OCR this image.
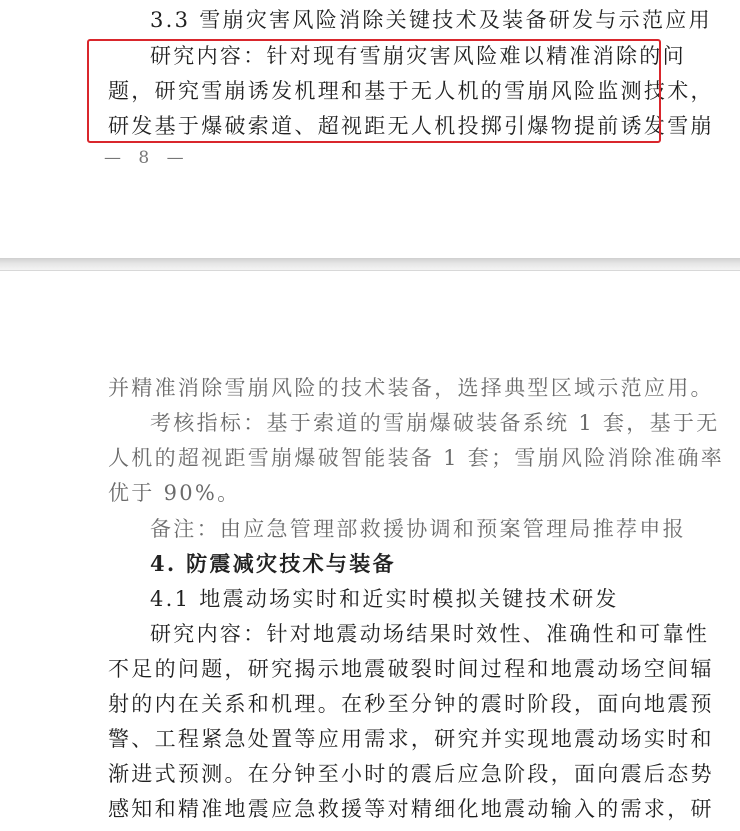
3.3 雪崩灾害风险消除关键技术及装备研发与示范应用
研究内容：针对现有雪崩灾害风险难以精准消除的问
题，研究雪崩诱发机理和基于无人机的雪崩风险监测技术，
研发基于爆破索道、超视距无人机投掷引爆物提前诱发雪崩
— 8 —
并精准消除雪崩风险的技术装备，选择典型区域示范应用。
考核指标：基于索道的雪崩爆破装备系统 1 套，基于无
人机的超视距雪崩爆破智能装备 1 套；雪崩风险消除准确率
优于 90%。
备注：由应急管理部救援协调和预案管理局推荐申报
4. 防震减灾技术与装备
4.1 地震动场实时和近实时模拟关键技术研发
研究内容：针对地震动场结果时效性、准确性和可靠性
不足的问题，研究揭示地震破裂时间过程和地震动场空间辐
射的内在关系和机理。在秒至分钟的震时阶段，面向地震预
警、工程紧急处置等应用需求，研究并实现地震动场实时和
渐进式预测。在分钟至小时的震后应急阶段，面向震后态势
感知和精准地震应急救援等对精细化地震动输入的需求，研
